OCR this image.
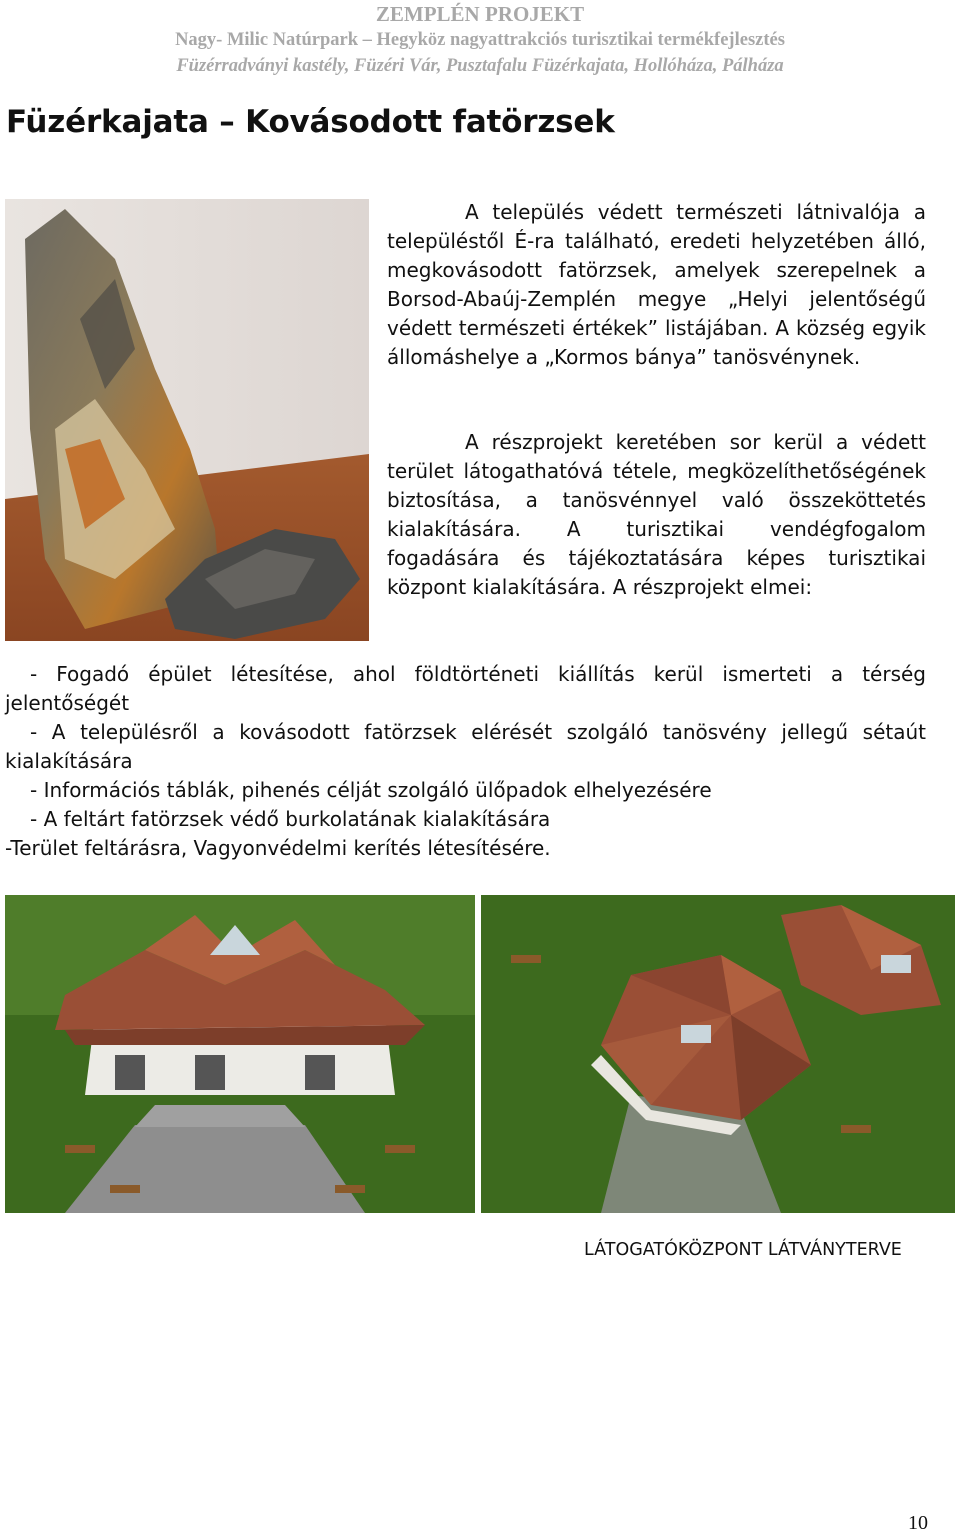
ZEMPLÉN PROJEKT
Nagy- Milic Natúrpark – Hegyköz nagyattrakciós turisztikai termékfejlesztés
Füzérradványi kastély, Füzéri Vár, Pusztafalu Füzérkajata, Hollóháza, Pálháza
Füzérkajata – Kovásodott fatörzsek

A település védett természeti látnivalója a településtől É-ra található, eredeti helyzetében álló, megkovásodott fatörzsek, amelyek szerepelnek a Borsod-Abaúj-Zemplén megye „Helyi jelentőségű védett természeti értékek” listájában. A község egyik állomáshelye a „Kormos bánya” tanösvénynek.

A részprojekt keretében sor kerül a védett terület látogathatóvá tétele, megközelíthetőségének biztosítása, a tanösvénnyel való összeköttetés kialakítására. A turisztikai vendégfogalom fogadására és tájékoztatására képes turisztikai központ kialakítására. A részprojekt elmei:

- Fogadó épület létesítése, ahol földtörténeti kiállítás kerül ismerteti a térség jelentőségét

- A településről a kovásodott fatörzsek elérését szolgáló tanösvény jellegű sétaút kialakítására

- Információs táblák, pihenés célját szolgáló ülőpadok elhelyezésére

- A feltárt fatörzsek védő burkolatának kialakítására

-Terület feltárásra, Vagyonvédelmi kerítés létesítésére.

LÁTOGATÓKÖZPONT LÁTVÁNYTERVE
10
